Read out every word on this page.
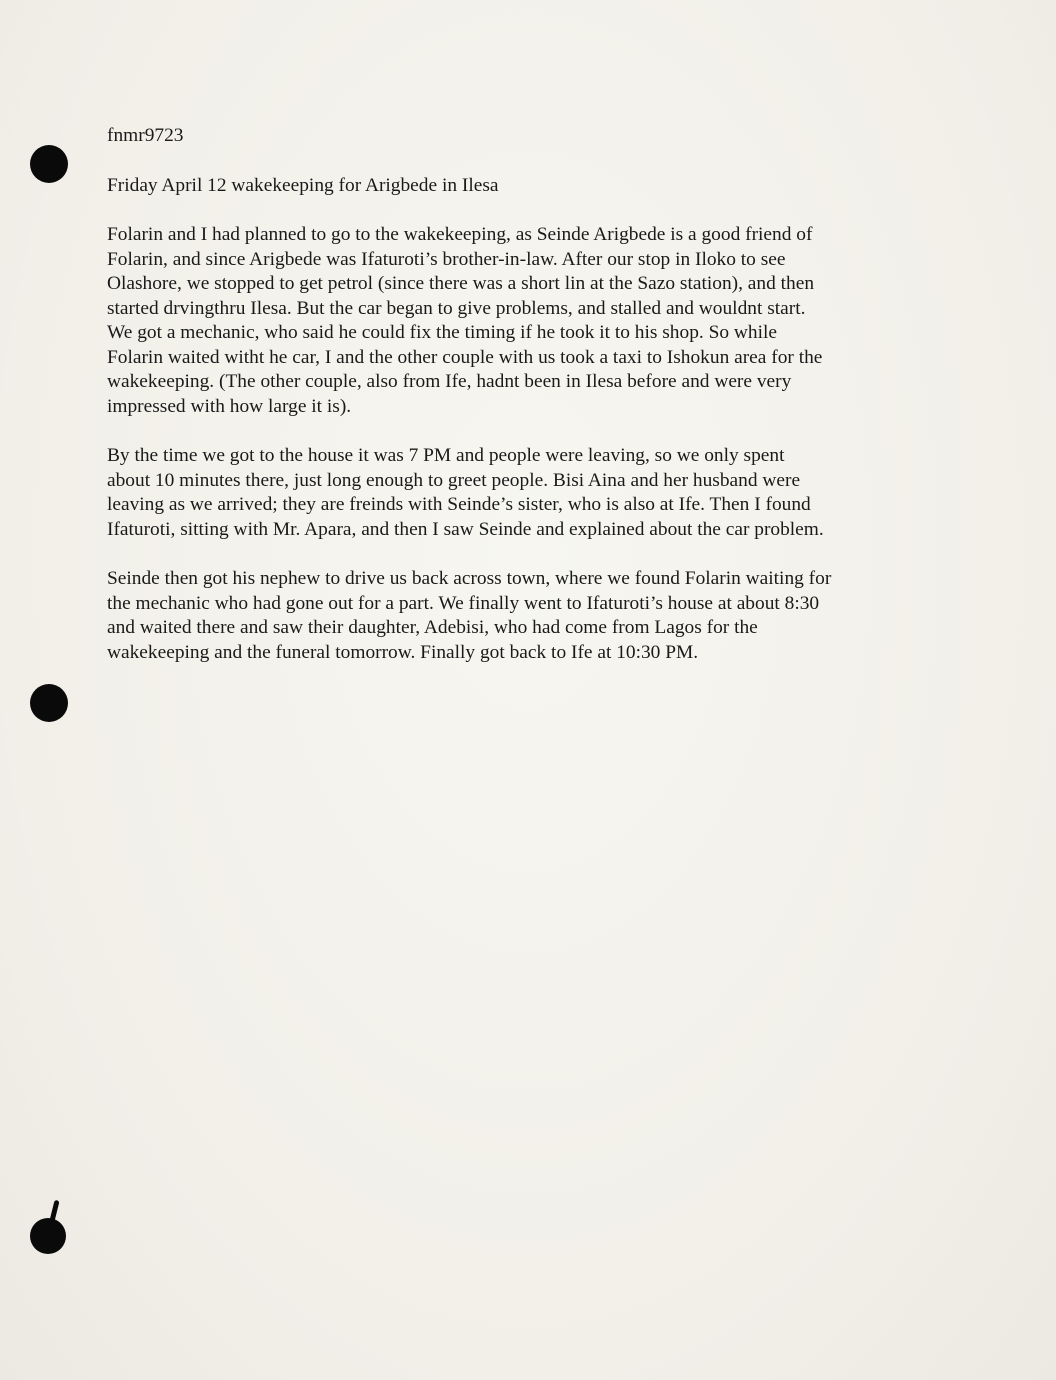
fnmr9723

Friday April 12 wakekeeping for Arigbede in Ilesa

Folarin and I had planned to go to the wakekeeping, as Seinde Arigbede is a good friend of
Folarin, and since Arigbede was Ifaturoti’s brother-in-law. After our stop in Iloko to see
Olashore, we stopped to get petrol (since there was a short lin at the Sazo station), and then
started drvingthru Ilesa. But the car began to give problems, and stalled and wouldnt start.
We got a mechanic, who said he could fix the timing if he took it to his shop. So while
Folarin waited witht he car, I and the other couple with us took a taxi to Ishokun area for the
wakekeeping. (The other couple, also from Ife, hadnt been in Ilesa before and were very
impressed with how large it is).

By the time we got to the house it was 7 PM and people were leaving, so we only spent
about 10 minutes there, just long enough to greet people. Bisi Aina and her husband were
leaving as we arrived; they are freinds with Seinde’s sister, who is also at Ife. Then I found
Ifaturoti, sitting with Mr. Apara, and then I saw Seinde and explained about the car problem.

Seinde then got his nephew to drive us back across town, where we found Folarin waiting for
the mechanic who had gone out for a part. We finally went to Ifaturoti’s house at about 8:30
and waited there and saw their daughter, Adebisi, who had come from Lagos for the
wakekeeping and the funeral tomorrow. Finally got back to Ife at 10:30 PM.
